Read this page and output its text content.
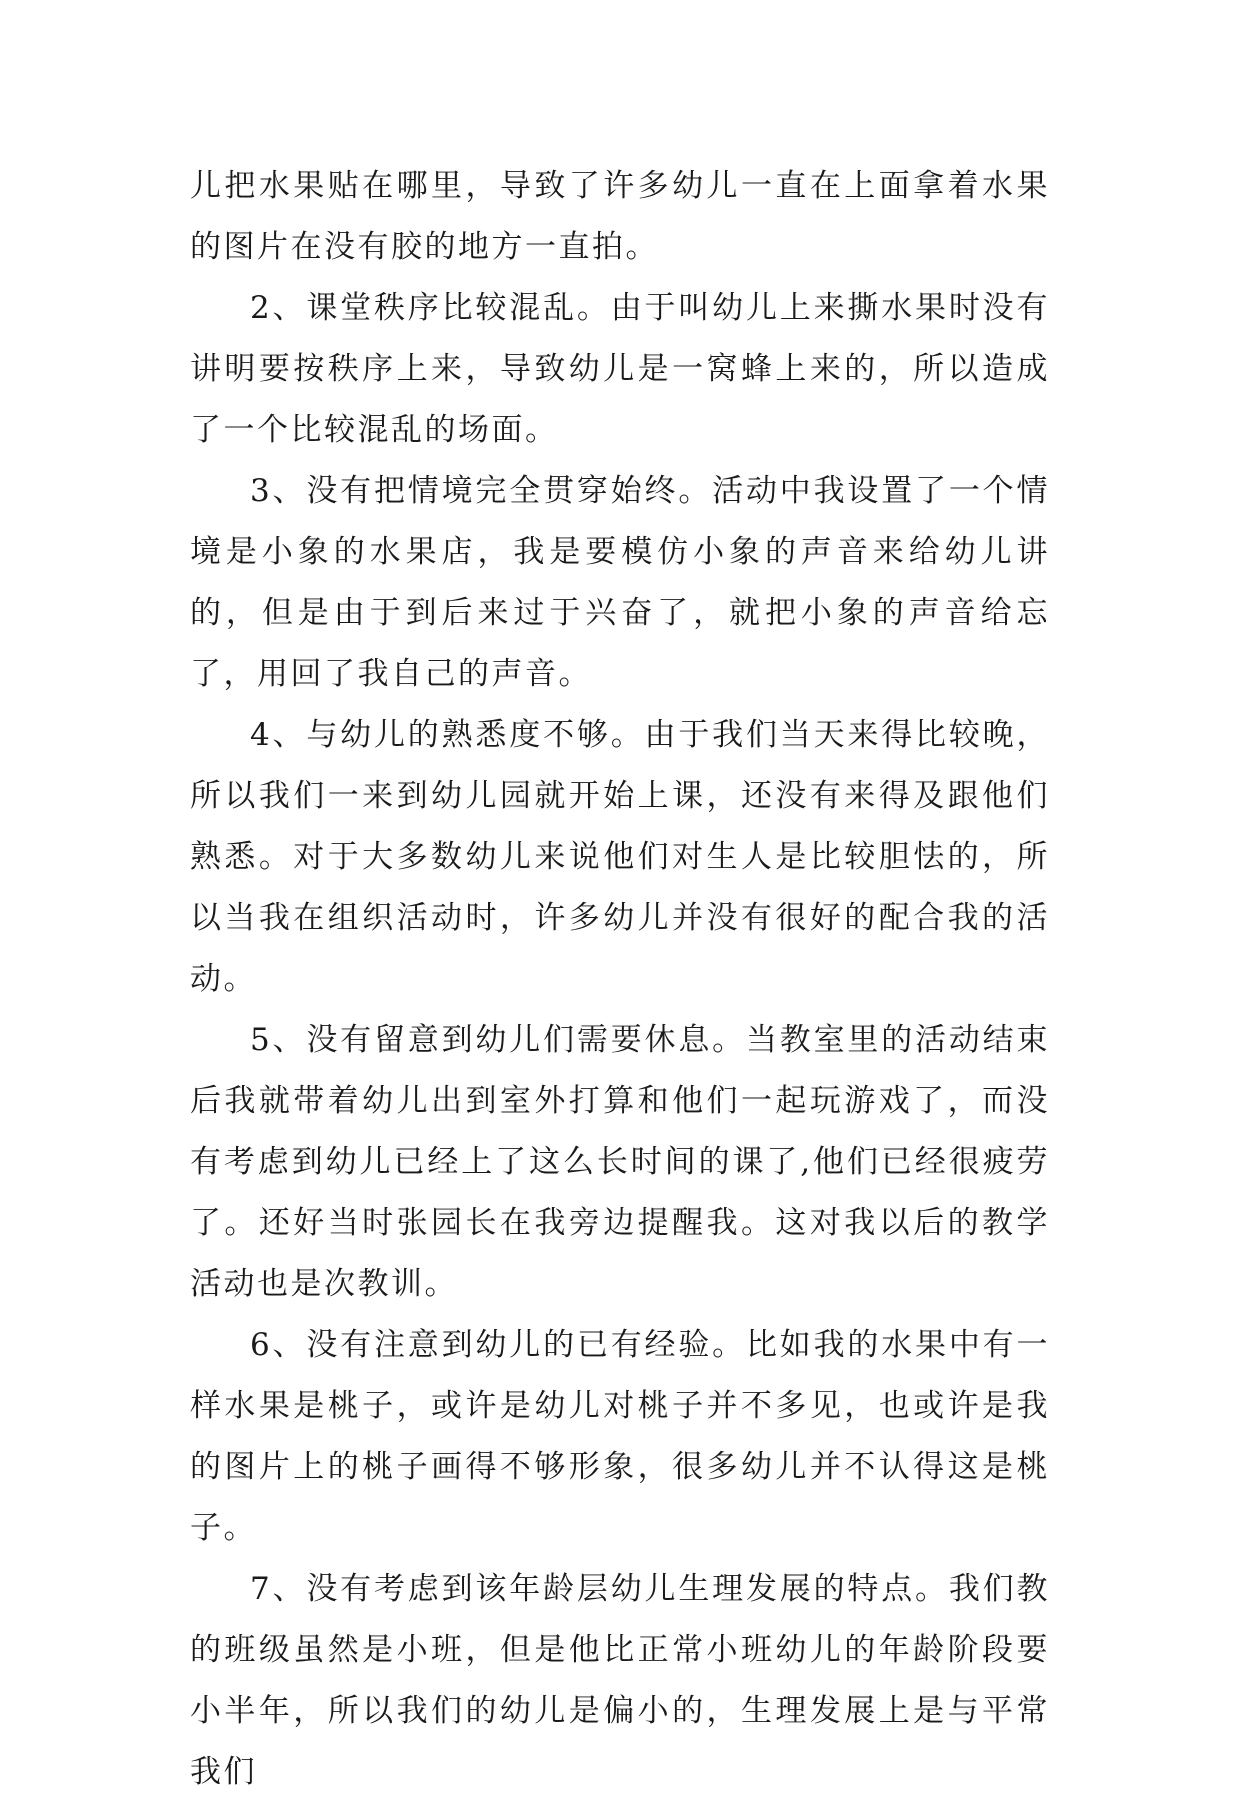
儿把水果贴在哪里，导致了许多幼儿一直在上面拿着水果的图片在没有胶的地方一直拍。

2、课堂秩序比较混乱。由于叫幼儿上来撕水果时没有讲明要按秩序上来，导致幼儿是一窝蜂上来的，所以造成了一个比较混乱的场面。

3、没有把情境完全贯穿始终。活动中我设置了一个情境是小象的水果店，我是要模仿小象的声音来给幼儿讲的，但是由于到后来过于兴奋了，就把小象的声音给忘了，用回了我自己的声音。

4、与幼儿的熟悉度不够。由于我们当天来得比较晚，所以我们一来到幼儿园就开始上课，还没有来得及跟他们熟悉。对于大多数幼儿来说他们对生人是比较胆怯的，所以当我在组织活动时，许多幼儿并没有很好的配合我的活动。

5、没有留意到幼儿们需要休息。当教室里的活动结束后我就带着幼儿出到室外打算和他们一起玩游戏了，而没有考虑到幼儿已经上了这么长时间的课了,他们已经很疲劳了。还好当时张园长在我旁边提醒我。这对我以后的教学活动也是次教训。

6、没有注意到幼儿的已有经验。比如我的水果中有一样水果是桃子，或许是幼儿对桃子并不多见，也或许是我的图片上的桃子画得不够形象，很多幼儿并不认得这是桃子。

7、没有考虑到该年龄层幼儿生理发展的特点。我们教的班级虽然是小班，但是他比正常小班幼儿的年龄阶段要小半年，所以我们的幼儿是偏小的，生理发展上是与平常我们
